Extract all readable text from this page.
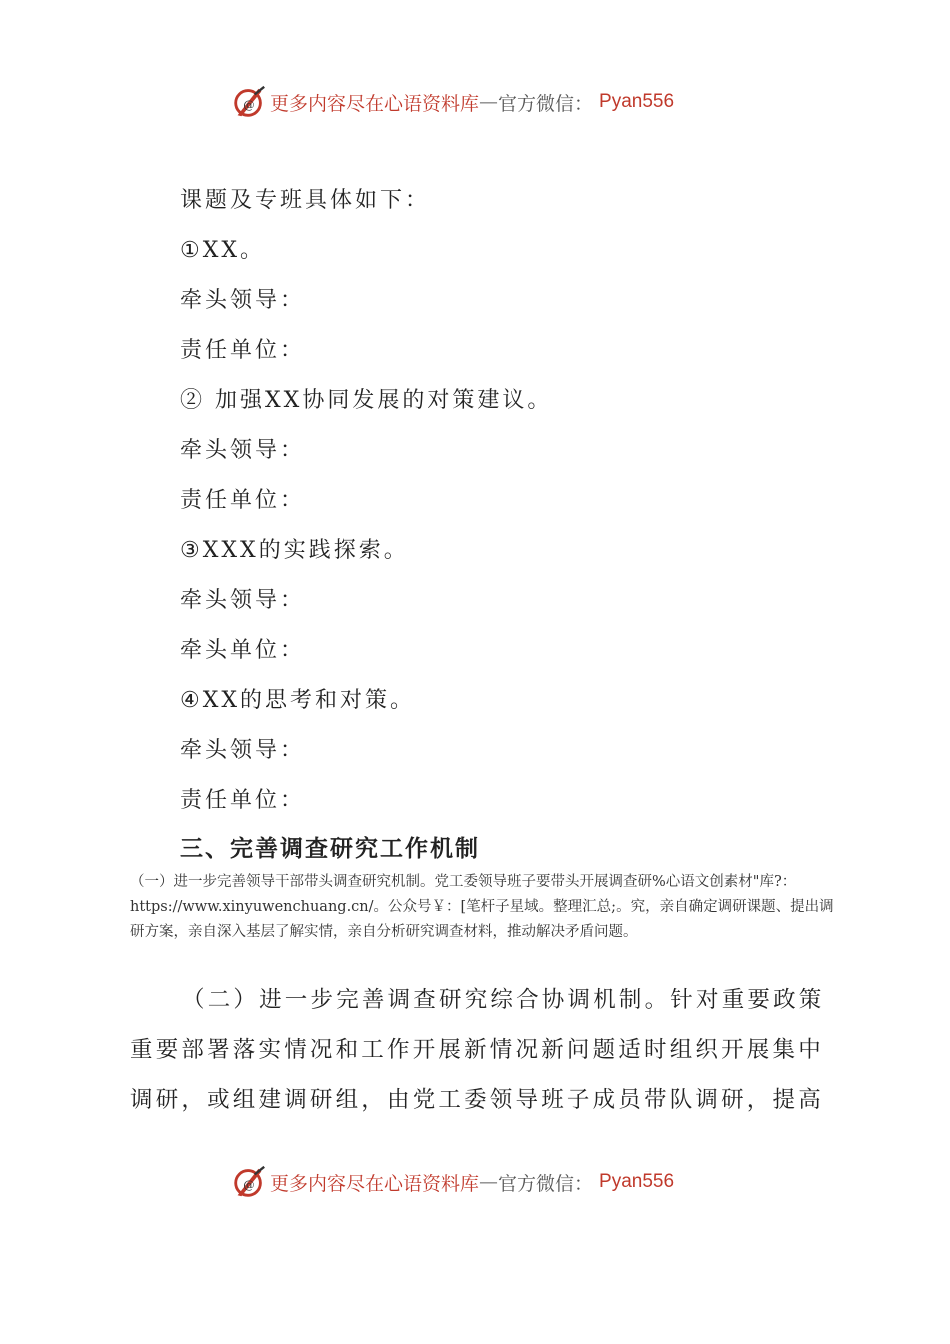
@ 更多内容尽在心语资料库 — 官方微信： Pyan556
课题及专班具体如下：
①XX。
牵头领导：
责任单位：
② 加强XX协同发展的对策建议。
牵头领导：
责任单位：
③XXX的实践探索。
牵头领导：
牵头单位：
④XX的思考和对策。
牵头领导：
责任单位：
三、完善调查研究工作机制

（一）进一步完善领导干部带头调查研究机制。党工委领导班子要带头开展调查研%心语文创素材"库?：https://www.xinyuwenchuang.cn/。公众号￥：[笔杆子星域。整理汇总;。究，亲自确定调研课题、提出调研方案，亲自深入基层了解实情，亲自分析研究调查材料，推动解决矛盾问题。

（二）进一步完善调查研究综合协调机制。针对重要政策重要部署落实情况和工作开展新情况新问题适时组织开展集中调研，或组建调研组，由党工委领导班子成员带队调研，提高

@ 更多内容尽在心语资料库 — 官方微信： Pyan556
